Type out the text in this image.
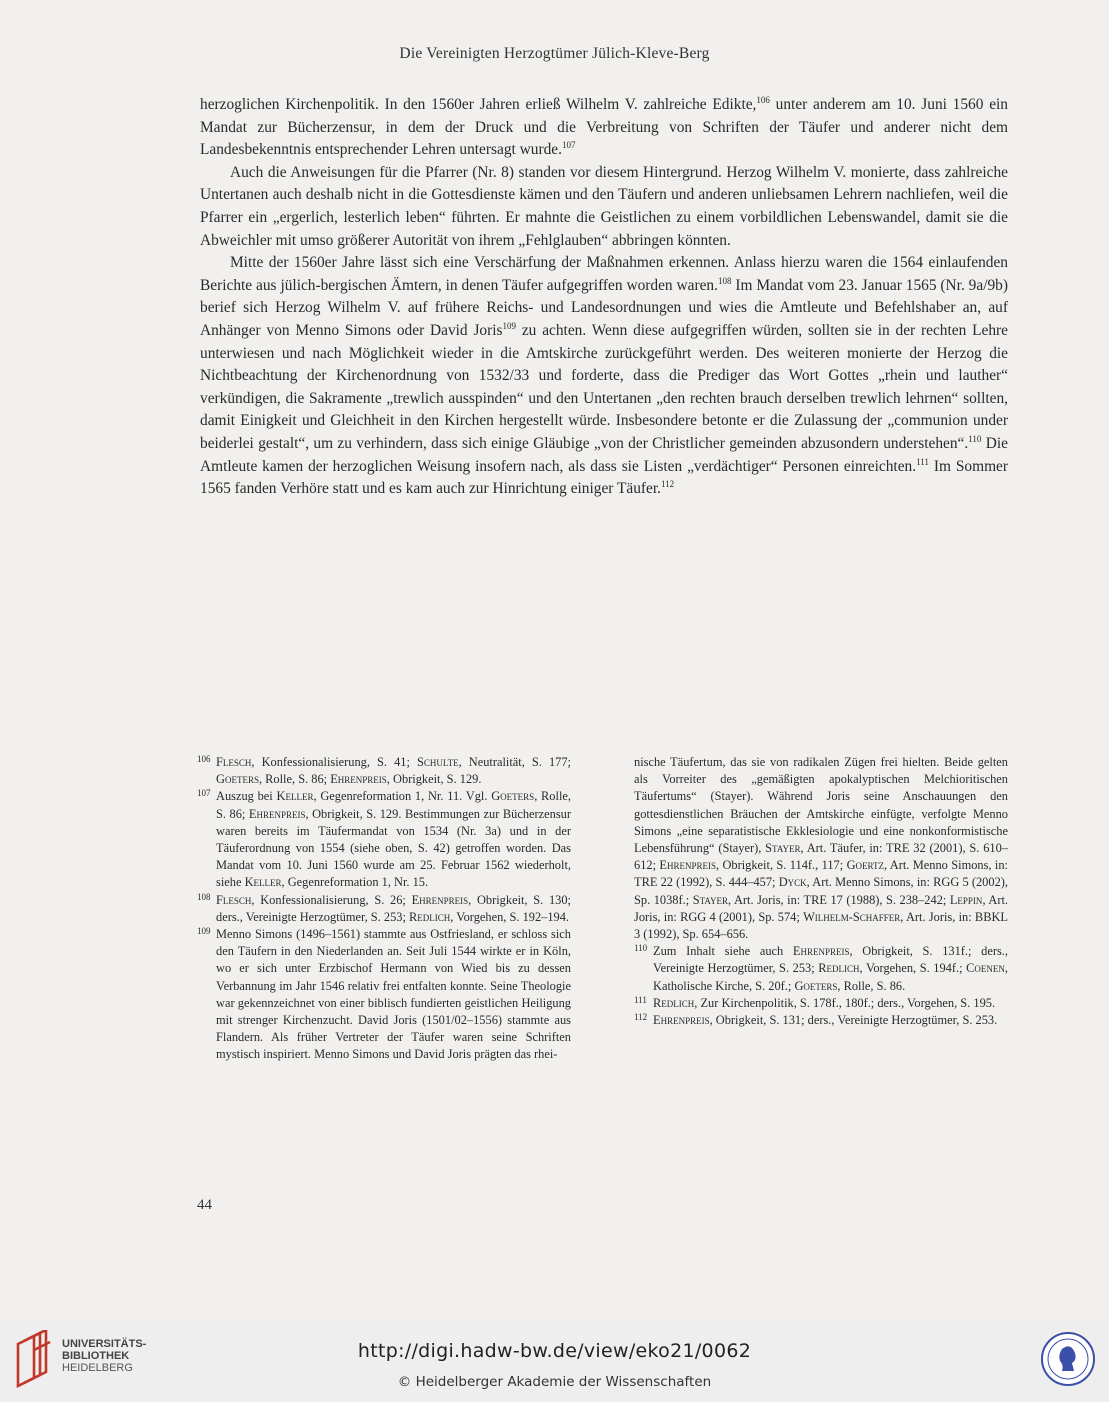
Die Vereinigten Herzogtümer Jülich-Kleve-Berg

herzoglichen Kirchenpolitik. In den 1560er Jahren erließ Wilhelm V. zahlreiche Edikte,$^{106}$ unter anderem am 10. Juni 1560 ein Mandat zur Bücherzensur, in dem der Druck und die Verbreitung von Schriften der Täufer und anderer nicht dem Landesbekenntnis entsprechender Lehren untersagt wurde.$^{107}$

Auch die Anweisungen für die Pfarrer (Nr. 8) standen vor diesem Hintergrund. Herzog Wilhelm V. monierte, dass zahlreiche Untertanen auch deshalb nicht in die Gottesdienste kämen und den Täufern und anderen unliebsamen Lehrern nachliefen, weil die Pfarrer ein „ergerlich, lesterlich leben“ führten. Er mahnte die Geistlichen zu einem vorbildlichen Lebenswandel, damit sie die Abweichler mit umso größerer Autorität von ihrem „Fehlglauben“ abbringen könnten.

Mitte der 1560er Jahre lässt sich eine Verschärfung der Maßnahmen erkennen. Anlass hierzu waren die 1564 einlaufenden Berichte aus jülich-bergischen Ämtern, in denen Täufer aufgegriffen worden waren.$^{108}$ Im Mandat vom 23. Januar 1565 (Nr. 9a/9b) berief sich Herzog Wilhelm V. auf frühere Reichs- und Landesordnungen und wies die Amtleute und Befehlshaber an, auf Anhänger von Menno Simons oder David Joris$^{109}$ zu achten. Wenn diese aufgegriffen würden, sollten sie in der rechten Lehre unterwiesen und nach Möglichkeit wieder in die Amtskirche zurückgeführt werden. Des weiteren monierte der Herzog die Nichtbeachtung der Kirchenordnung von 1532/33 und forderte, dass die Prediger das Wort Gottes „rhein und lauther“ verkündigen, die Sakramente „trewlich ausspinden“ und den Untertanen „den rechten brauch derselben trewlich lehrnen“ sollten, damit Einigkeit und Gleichheit in den Kirchen hergestellt würde. Insbesondere betonte er die Zulassung der „communion under beiderlei gestalt“, um zu verhindern, dass sich einige Gläubige „von der Christlicher gemeinden abzusondern understehen“.$^{110}$ Die Amtleute kamen der herzoglichen Weisung insofern nach, als dass sie Listen „verdächtiger“ Personen einreichten.$^{111}$ Im Sommer 1565 fanden Verhöre statt und es kam auch zur Hinrichtung einiger Täufer.$^{112}$

106 Flesch, Konfessionalisierung, S. 41; Schulte, Neutralität, S. 177; Goeters, Rolle, S. 86; Ehrenpreis, Obrigkeit, S. 129.

107 Auszug bei Keller, Gegenreformation 1, Nr. 11. Vgl. Goeters, Rolle, S. 86; Ehrenpreis, Obrigkeit, S. 129. Bestimmungen zur Bücherzensur waren bereits im Täufermandat von 1534 (Nr. 3a) und in der Täuferordnung von 1554 (siehe oben, S. 42) getroffen worden. Das Mandat vom 10. Juni 1560 wurde am 25. Februar 1562 wiederholt, siehe Keller, Gegenreformation 1, Nr. 15.

108 Flesch, Konfessionalisierung, S. 26; Ehrenpreis, Obrigkeit, S. 130; ders., Vereinigte Herzogtümer, S. 253; Redlich, Vorgehen, S. 192–194.

109 Menno Simons (1496–1561) stammte aus Ostfriesland, er schloss sich den Täufern in den Niederlanden an. Seit Juli 1544 wirkte er in Köln, wo er sich unter Erzbischof Hermann von Wied bis zu dessen Verbannung im Jahr 1546 relativ frei entfalten konnte. Seine Theologie war gekennzeichnet von einer biblisch fundierten geistlichen Heiligung mit strenger Kirchenzucht. David Joris (1501/02–1556) stammte aus Flandern. Als früher Vertreter der Täufer waren seine Schriften mystisch inspiriert. Menno Simons und David Joris prägten das rhei-

nische Täufertum, das sie von radikalen Zügen frei hielten. Beide gelten als Vorreiter des „gemäßigten apokalyptischen Melchioritischen Täufertums“ (Stayer). Während Joris seine Anschauungen den gottesdienstlichen Bräuchen der Amtskirche einfügte, verfolgte Menno Simons „eine separatistische Ekklesiologie und eine nonkonformistische Lebensführung“ (Stayer), Stayer, Art. Täufer, in: TRE 32 (2001), S. 610–612; Ehrenpreis, Obrigkeit, S. 114f., 117; Goertz, Art. Menno Simons, in: TRE 22 (1992), S. 444–457; Dyck, Art. Menno Simons, in: RGG 5 (2002), Sp. 1038f.; Stayer, Art. Joris, in: TRE 17 (1988), S. 238–242; Leppin, Art. Joris, in: RGG 4 (2001), Sp. 574; Wilhelm-Schaffer, Art. Joris, in: BBKL 3 (1992), Sp. 654–656.

110 Zum Inhalt siehe auch Ehrenpreis, Obrigkeit, S. 131f.; ders., Vereinigte Herzogtümer, S. 253; Redlich, Vorgehen, S. 194f.; Coenen, Katholische Kirche, S. 20f.; Goeters, Rolle, S. 86.

111 Redlich, Zur Kirchenpolitik, S. 178f., 180f.; ders., Vorgehen, S. 195.

112 Ehrenpreis, Obrigkeit, S. 131; ders., Vereinigte Herzogtümer, S. 253.

44
UNIVERSITÄTS-
BIBLIOTHEK
HEIDELBERG
http://digi.hadw-bw.de/view/eko21/0062
© Heidelberger Akademie der Wissenschaften
